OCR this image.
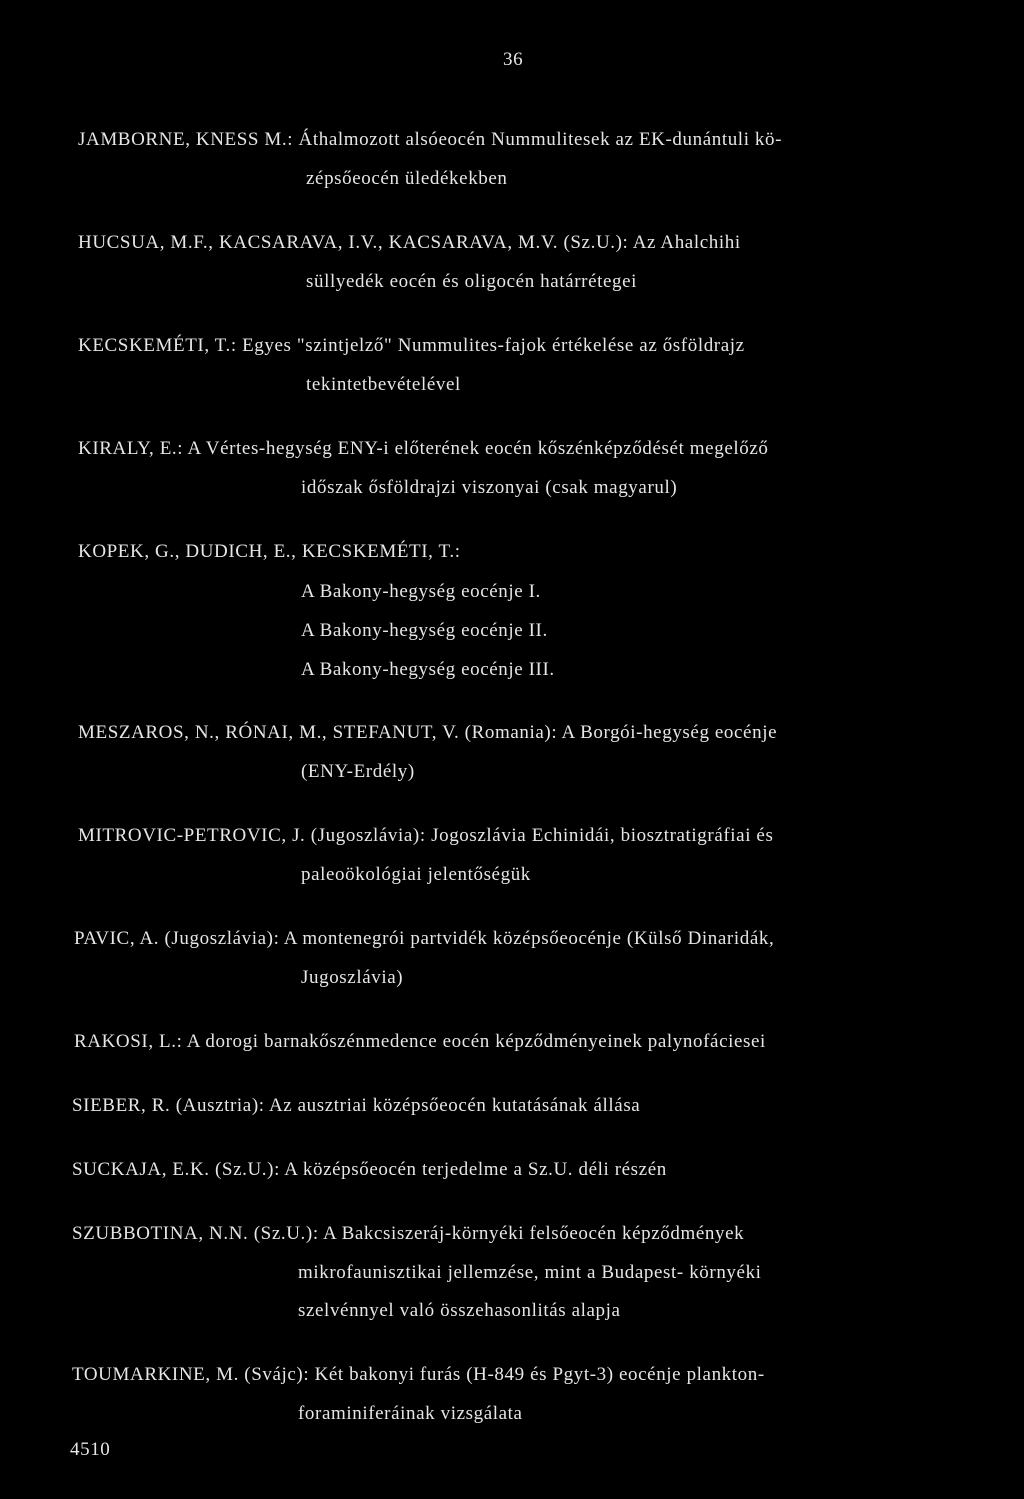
36
JAMBORNE, KNESS M.: Áthalmozott alsóeocén Nummulitesek az EK-dunántuli kö-
zépsőeocén üledékekben
HUCSUA, M.F., KACSARAVA, I.V., KACSARAVA, M.V. (Sz.U.): Az Ahalchihi
süllyedék eocén és oligocén határrétegei
KECSKEMÉTI, T.: Egyes "szintjelző" Nummulites-fajok értékelése az ősföldrajz
tekintetbevételével
KIRALY, E.: A Vértes-hegység ENY-i előterének eocén kőszénképződését megelőző
időszak ősföldrajzi viszonyai (csak magyarul)
KOPEK, G., DUDICH, E., KECSKEMÉTI, T.:
A Bakony-hegység eocénje I.
A Bakony-hegység eocénje II.
A Bakony-hegység eocénje III.
MESZAROS, N., RÓNAI, M., STEFANUT, V. (Romania): A Borgói-hegység eocénje
(ENY-Erdély)
MITROVIC-PETROVIC, J. (Jugoszlávia): Jogoszlávia Echinidái, biosztratigráfiai és
paleoökológiai jelentőségük
PAVIC, A. (Jugoszlávia): A montenegrói partvidék középsőeocénje (Külső Dinaridák,
Jugoszlávia)
RAKOSI, L.: A dorogi barnakőszénmedence eocén képződményeinek palynofáciesei
SIEBER, R. (Ausztria): Az ausztriai középsőeocén kutatásának állása
SUCKAJA, E.K. (Sz.U.): A középsőeocén terjedelme a Sz.U. déli részén
SZUBBOTINA, N.N. (Sz.U.): A Bakcsiszeráj-környéki felsőeocén képződmények
mikrofaunisztikai jellemzése, mint a Budapest- környéki
szelvénnyel való összehasonlitás alapja
TOUMARKINE, M. (Svájc): Két bakonyi furás (H-849 és Pgyt-3) eocénje plankton-
foraminiferáinak vizsgálata
4510
